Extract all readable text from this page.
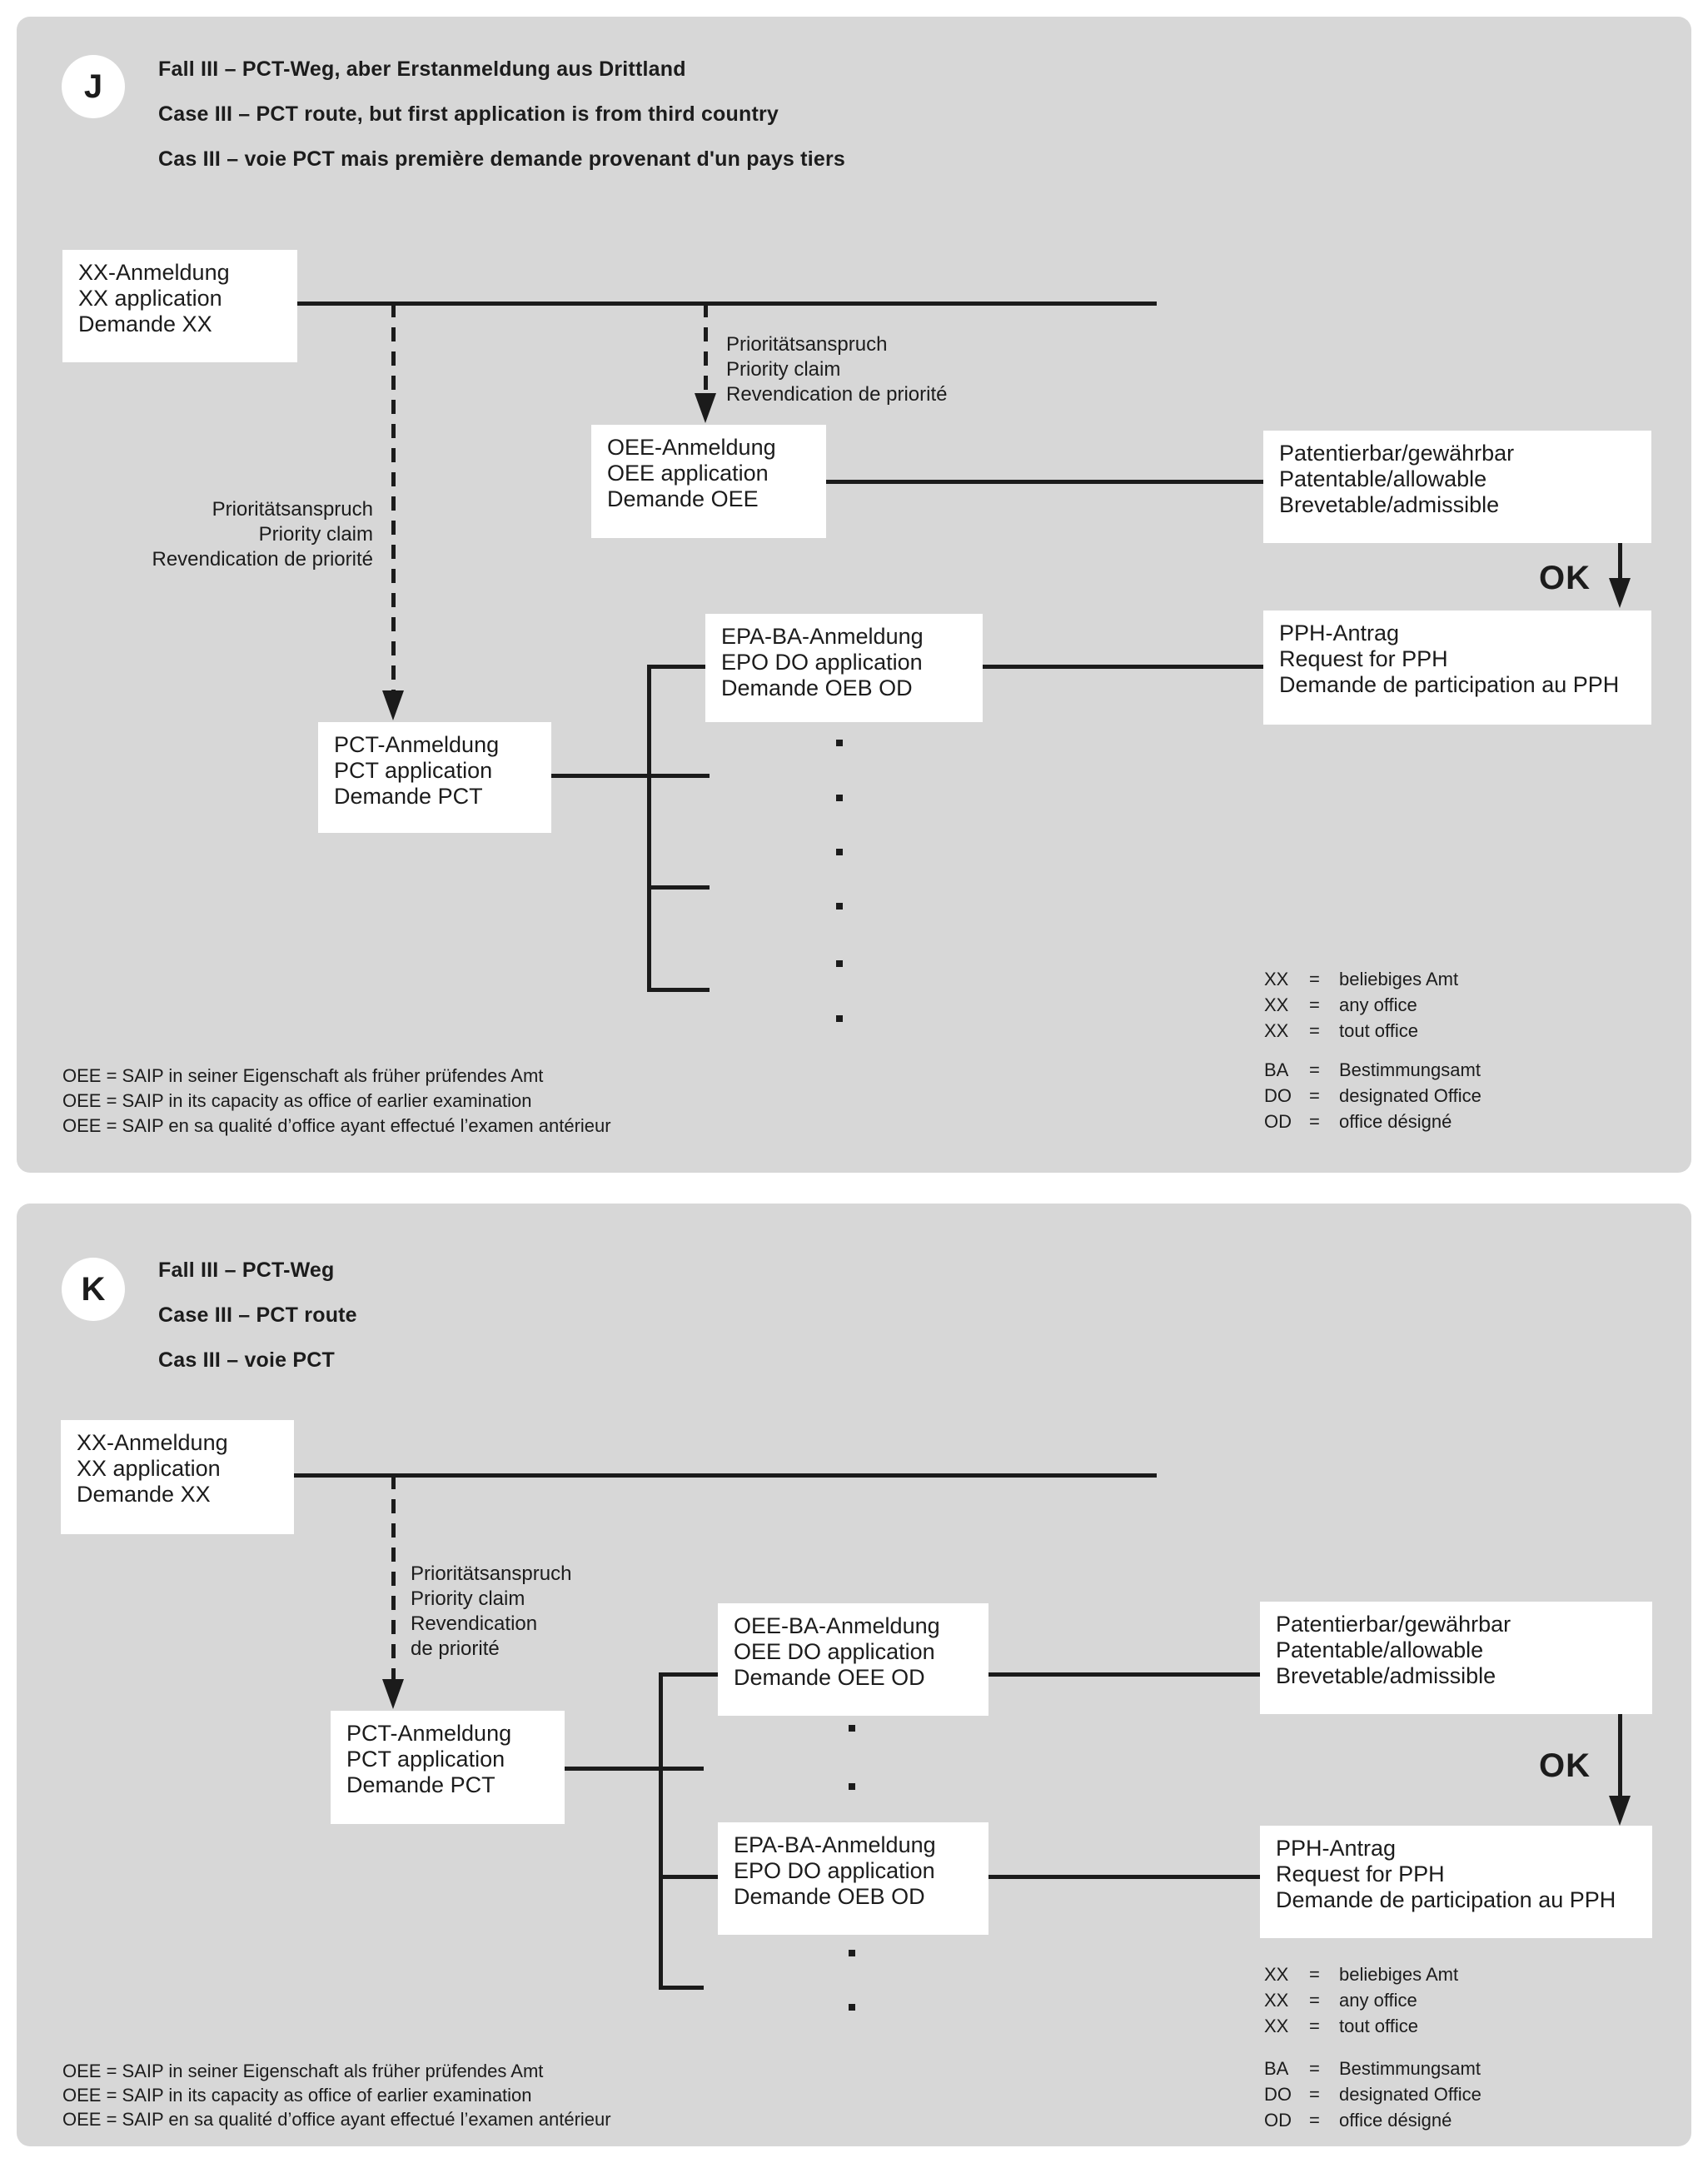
J	Fall III – PCT-Weg, aber Erstanmeldung aus Drittland
Case III – PCT route, but first application is from third country
Cas III – voie PCT mais première demande provenant d'un pays tiers
XX-Anmeldung
XX application
Demande XX
OEE-Anmeldung
OEE application
Demande OEE
PCT-Anmeldung
PCT application
Demande PCT
EPA-BA-Anmeldung
EPO DO application
Demande OEB OD
Patentierbar/gewährbar
Patentable/allowable
Brevetable/admissible
PPH-Antrag
Request for PPH
Demande de participation au PPH
Prioritätsanspruch
Priority claim
Revendication de priorité
Prioritätsanspruch
Priority claim
Revendication de priorité
OK
OEE = SAIP in seiner Eigenschaft als früher prüfendes Amt
OEE = SAIP in its capacity as office of earlier examination
OEE = SAIP en sa qualité d’office ayant effectué l’examen antérieur
XX	=	beliebiges Amt
XX	=	any office
XX	=	tout office
BA	=	Bestimmungsamt
DO =	designated Office
OD =	office désigné
K
Fall III – PCT-Weg
Case III – PCT route
Cas III – voie PCT
XX-Anmeldung
XX application
Demande XX
PCT-Anmeldung
PCT application
Demande PCT
OEE-BA-Anmeldung
OEE DO application
Demande OEE OD
EPA-BA-Anmeldung
EPO DO application
Demande OEB OD
Patentierbar/gewährbar
Patentable/allowable
Brevetable/admissible
PPH-Antrag
Request for PPH
Demande de participation au PPH
Prioritätsanspruch
Priority claim
Revendication
de priorité
OK
OEE = SAIP in seiner Eigenschaft als früher prüfendes Amt
OEE = SAIP in its capacity as office of earlier examination
OEE = SAIP en sa qualité d’office ayant effectué l’examen antérieur
XX	=	beliebiges Amt
XX	=	any office
XX	=	tout office
BA	=	Bestimmungsamt
DO =	designated Office
OD =	office désigné
